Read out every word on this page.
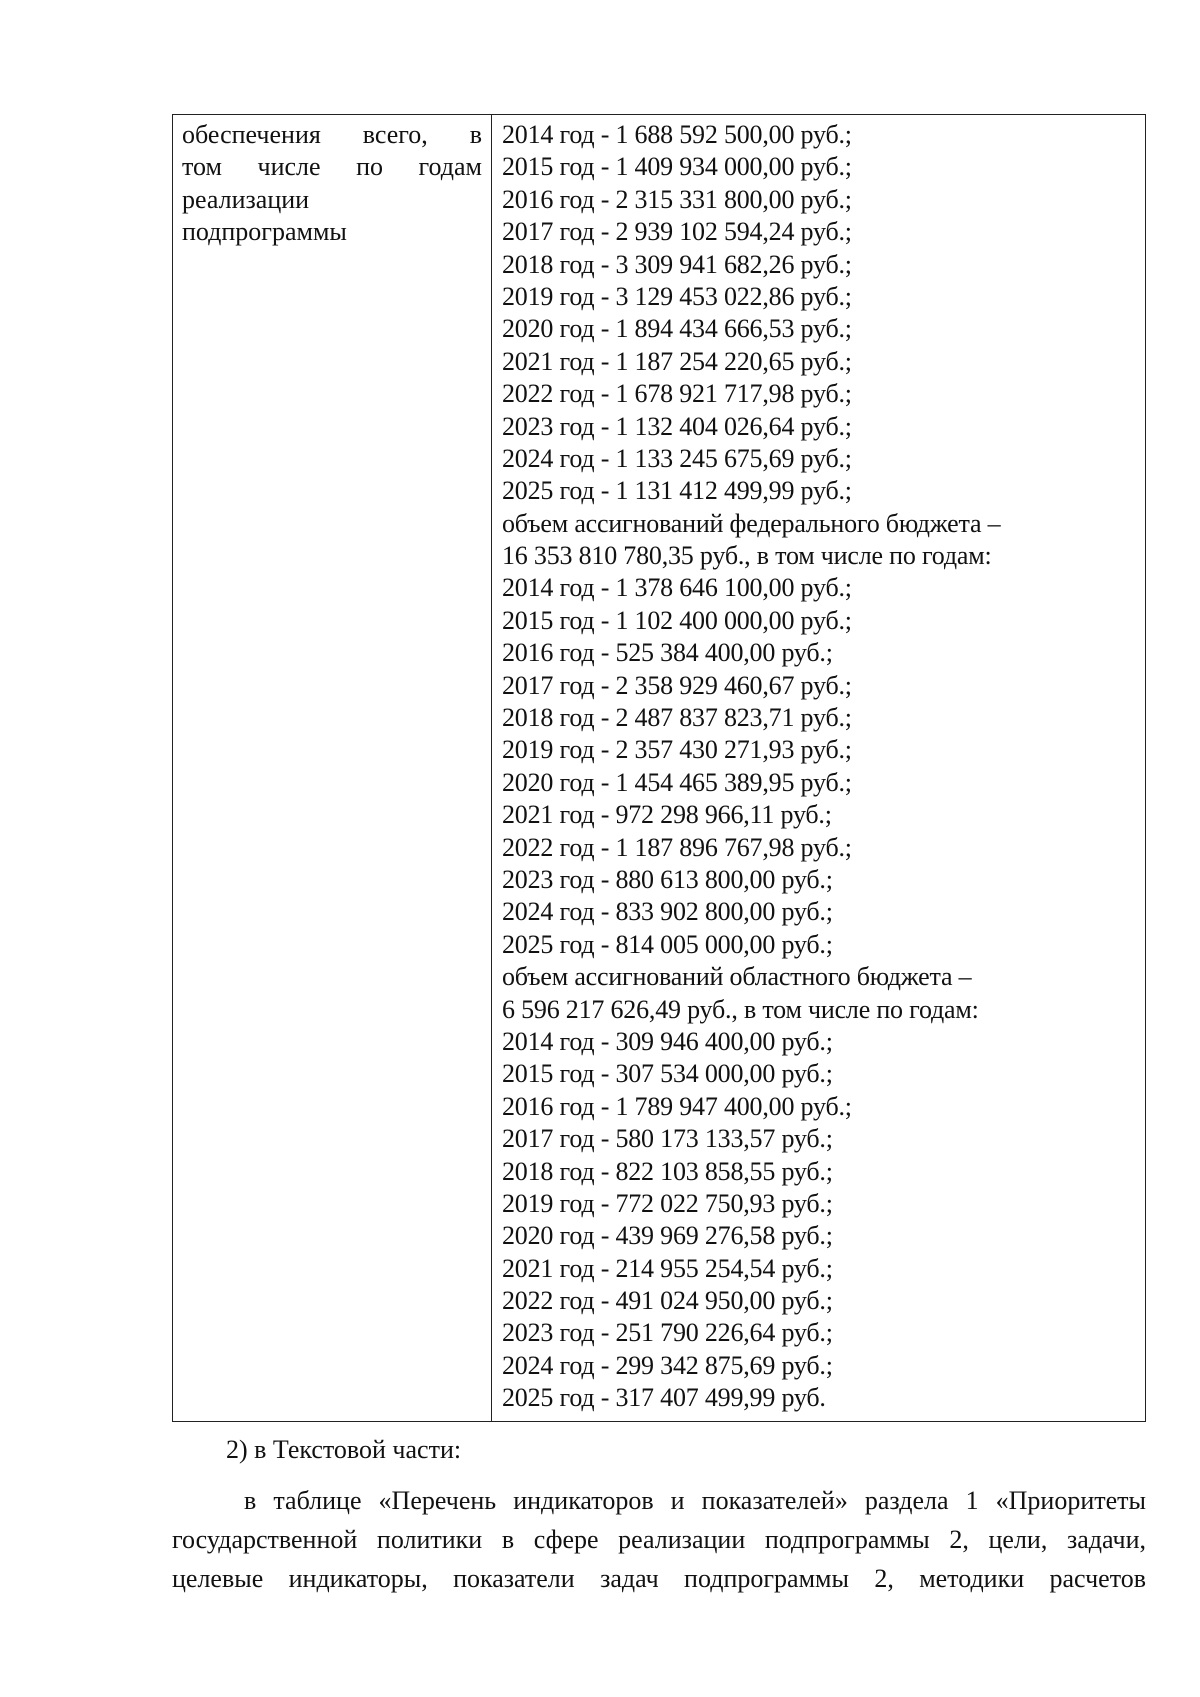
обеспечения всего, в
том числе по годам
реализации
подпрограммы

2014 год - 1 688 592 500,00 руб.;
2015 год - 1 409 934 000,00 руб.;
2016 год - 2 315 331 800,00 руб.;
2017 год - 2 939 102 594,24 руб.;
2018 год - 3 309 941 682,26 руб.;
2019 год - 3 129 453 022,86 руб.;
2020 год - 1 894 434 666,53 руб.;
2021 год - 1 187 254 220,65 руб.;
2022 год - 1 678 921 717,98 руб.;
2023 год - 1 132 404 026,64 руб.;
2024 год - 1 133 245 675,69 руб.;
2025 год - 1 131 412 499,99 руб.;
объем ассигнований федерального бюджета –
16 353 810 780,35 руб., в том числе по годам:
2014 год - 1 378 646 100,00 руб.;
2015 год - 1 102 400 000,00 руб.;
2016 год - 525 384 400,00 руб.;
2017 год - 2 358 929 460,67 руб.;
2018 год - 2 487 837 823,71 руб.;
2019 год - 2 357 430 271,93 руб.;
2020 год - 1 454 465 389,95 руб.;
2021 год - 972 298 966,11 руб.;
2022 год - 1 187 896 767,98 руб.;
2023 год - 880 613 800,00 руб.;
2024 год - 833 902 800,00 руб.;
2025 год - 814 005 000,00 руб.;
объем ассигнований областного бюджета –
6 596 217 626,49 руб., в том числе по годам:
2014 год - 309 946 400,00 руб.;
2015 год - 307 534 000,00 руб.;
2016 год - 1 789 947 400,00 руб.;
2017 год - 580 173 133,57 руб.;
2018 год - 822 103 858,55 руб.;
2019 год - 772 022 750,93 руб.;
2020 год - 439 969 276,58 руб.;
2021 год - 214 955 254,54 руб.;
2022 год - 491 024 950,00 руб.;
2023 год - 251 790 226,64 руб.;
2024 год - 299 342 875,69 руб.;
2025 год - 317 407 499,99 руб.
2) в Текстовой части:
в таблице «Перечень индикаторов и показателей» раздела 1 «Приоритеты
государственной политики в сфере реализации подпрограммы 2, цели, задачи,
целевые индикаторы, показатели задач подпрограммы 2, методики расчетов
